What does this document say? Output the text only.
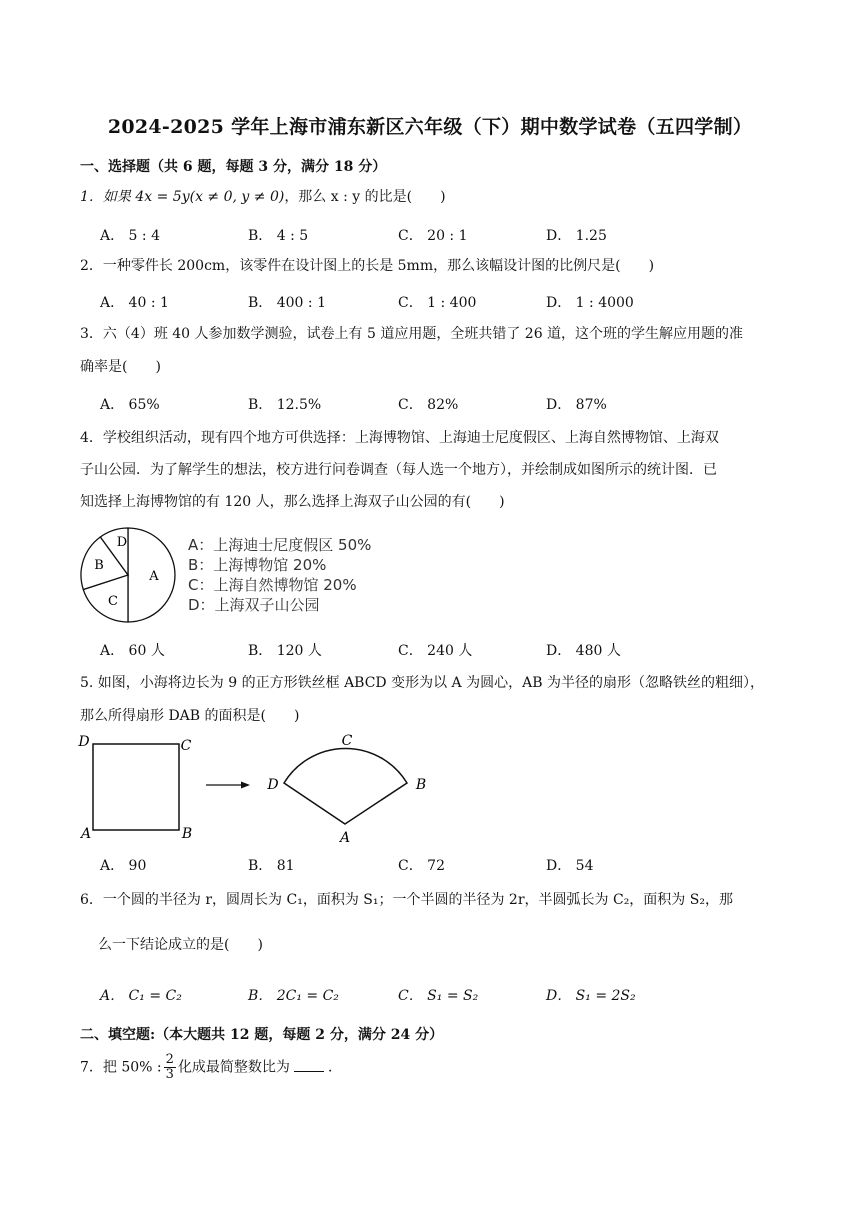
2024-2025 学年上海市浦东新区六年级（下）期中数学试卷（五四学制）
一、选择题（共 6 题，每题 3 分，满分 18 分）
1．如果 4x = 5y(x ≠ 0, y ≠ 0)，那么 x : y 的比是(　　)
A． 5 : 4	B． 4 : 5	C． 20 : 1	D． 1.25
2．一种零件长 200cm，该零件在设计图上的长是 5mm，那么该幅设计图的比例尺是(　　)
A． 40 : 1	B． 400 : 1	C． 1 : 400	D． 1 : 4000
3．六（4）班 40 人参加数学测验，试卷上有 5 道应用题，全班共错了 26 道，这个班的学生解应用题的准
确率是(　　)
A． 65%	B． 12.5%	C． 82%	D． 87%
4．学校组织活动，现有四个地方可供选择：上海博物馆、上海迪士尼度假区、上海自然博物馆、上海双
子山公园．为了解学生的想法，校方进行问卷调查（每人选一个地方），并绘制成如图所示的统计图．已
知选择上海博物馆的有 120 人，那么选择上海双子山公园的有(　　)
A
B
C
D	A：上海迪士尼度假区 50%
B：上海博物馆 20%
C：上海自然博物馆 20%
D：上海双子山公园
A． 60 人	B． 120 人	C． 240 人	D． 480 人
5. 如图，小海将边长为 9 的正方形铁丝框 ABCD 变形为以 A 为圆心，AB 为半径的扇形（忽略铁丝的粗细），
那么所得扇形 DAB 的面积是(　　)
D	C
A	B
C
D	B
A
A． 90	B． 81	C． 72	D． 54
6．一个圆的半径为 r，圆周长为 C₁，面积为 S₁；一个半圆的半径为 2r，半圆弧长为 C₂，面积为 S₂，那
么一下结论成立的是(　　)
A． C₁ = C₂	B． 2C₁ = C₂	C． S₁ = S₂	D． S₁ = 2S₂
二、填空题:（本大题共 12 题，每题 2 分，满分 24 分）
7．把 50% : $\frac{2}{3}$ 化成最简整数比为	．
